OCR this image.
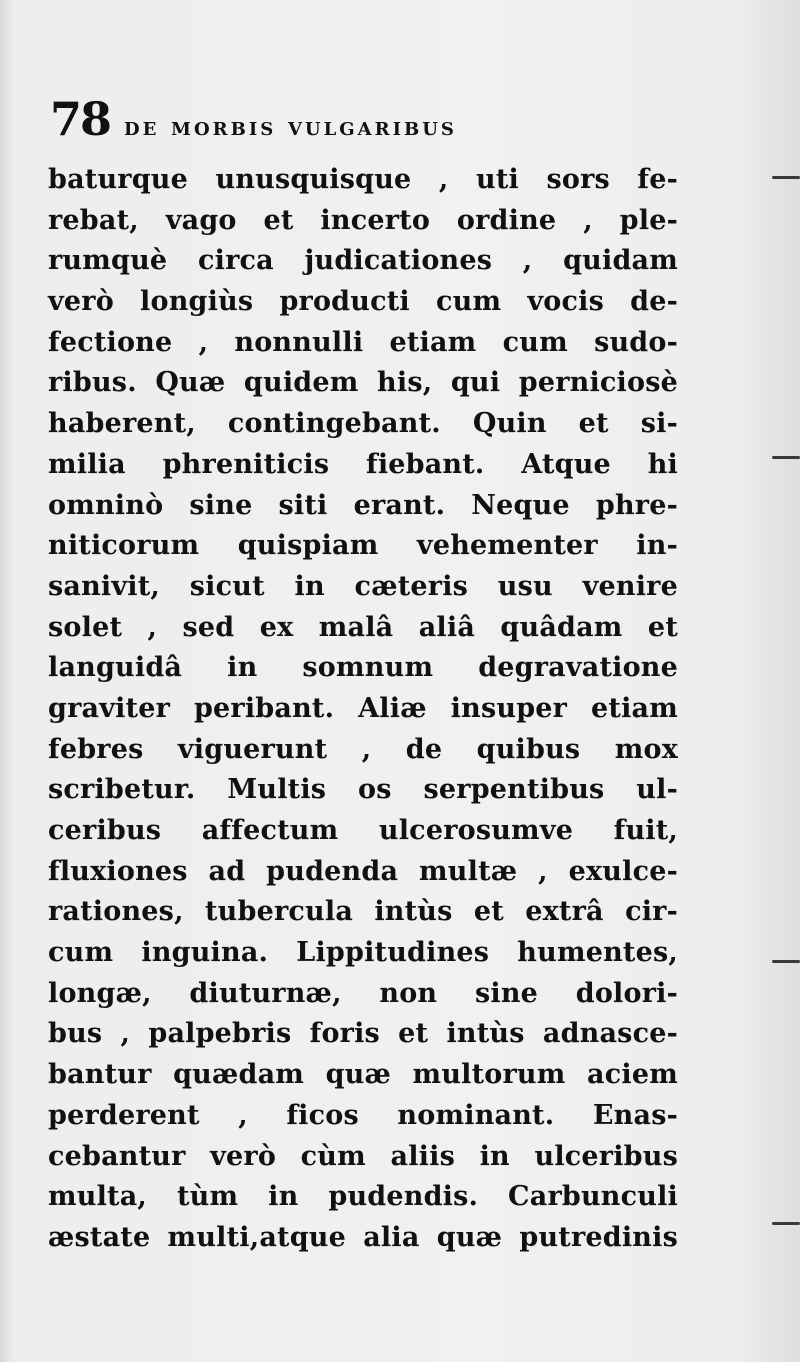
78 de morbis vulgaribus
baturque unusquisque , uti sors fe-
rebat, vago et incerto ordine , ple-
rumquè circa judicationes , quidam
verò longiùs producti cum vocis de-
fectione , nonnulli etiam cum sudo-
ribus. Quæ quidem his, qui perniciosè
haberent, contingebant. Quin et si-
milia phreniticis fiebant. Atque hi
omninò sine siti erant. Neque phre-
niticorum quispiam vehementer in-
sanivit, sicut in cæteris usu venire
solet , sed ex malâ aliâ quâdam et
languidâ in somnum degravatione
graviter peribant. Aliæ insuper etiam
febres viguerunt , de quibus mox
scribetur. Multis os serpentibus ul-
ceribus affectum ulcerosumve fuit,
fluxiones ad pudenda multæ , exulce-
rationes, tubercula intùs et extrâ cir-
cum inguina. Lippitudines humentes,
longæ, diuturnæ, non sine dolori-
bus , palpebris foris et intùs adnasce-
bantur quædam quæ multorum aciem
perderent , ficos nominant. Enas-
cebantur verò cùm aliis in ulceribus
multa, tùm in pudendis. Carbunculi
æstate multi,atque alia quæ putredinis
